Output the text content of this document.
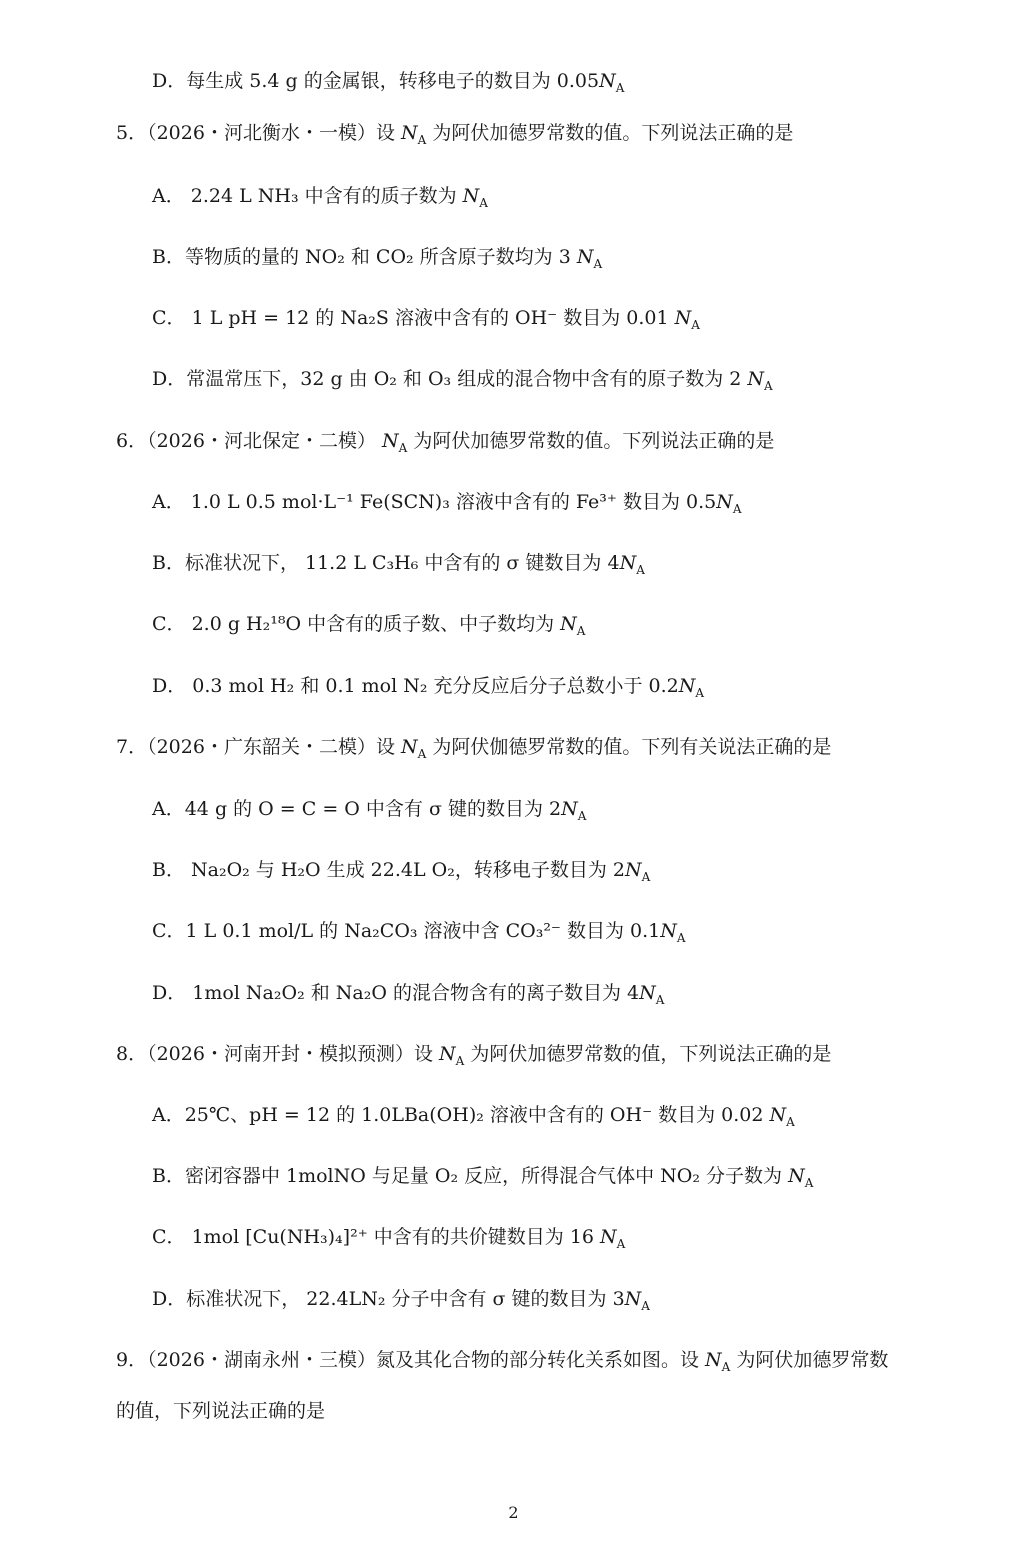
D．每生成 5.4 g 的金属银，转移电子的数目为 $0.05N_A$
5．（2026・河北衡水・一模）设 $N_A$ 为阿伏加德罗常数的值。下列说法正确的是
A． 2.24 L NH₃ 中含有的质子数为 $N_A$
B．等物质的量的 NO₂ 和 CO₂ 所含原子数均为 3 $N_A$
C． 1 L pH = 12 的 Na₂S 溶液中含有的 OH⁻ 数目为 0.01 $N_A$
D．常温常压下，32 g 由 O₂ 和 O₃ 组成的混合物中含有的原子数为 2 $N_A$
6．（2026・河北保定・二模） $N_A$ 为阿伏加德罗常数的值。下列说法正确的是
A． 1.0 L 0.5 mol·L⁻¹ Fe(SCN)₃ 溶液中含有的 Fe³⁺ 数目为 $0.5N_A$
B．标准状况下， 11.2 L C₃H₆ 中含有的 σ 键数目为 $4N_A$
C． 2.0 g H₂¹⁸O 中含有的质子数、中子数均为 $N_A$
D． 0.3 mol H₂ 和 0.1 mol N₂ 充分反应后分子总数小于 $0.2N_A$
7．（2026・广东韶关・二模）设 $N_A$ 为阿伏伽德罗常数的值。下列有关说法正确的是
A．44 g 的 O = C = O 中含有 σ 键的数目为 $2N_A$
B． Na₂O₂ 与 H₂O 生成 22.4L O₂，转移电子数目为 $2N_A$
C．1 L 0.1 mol/L 的 Na₂CO₃ 溶液中含 CO₃²⁻ 数目为 $0.1N_A$
D． 1mol Na₂O₂ 和 Na₂O 的混合物含有的离子数目为 $4N_A$
8．（2026・河南开封・模拟预测）设 $N_A$ 为阿伏加德罗常数的值，下列说法正确的是
A．25℃、pH = 12 的 1.0LBa(OH)₂ 溶液中含有的 OH⁻ 数目为 0.02 $N_A$
B．密闭容器中 1molNO 与足量 O₂ 反应，所得混合气体中 NO₂ 分子数为 $N_A$
C． 1mol [Cu(NH₃)₄]²⁺ 中含有的共价键数目为 16 $N_A$
D．标准状况下， 22.4LN₂ 分子中含有 σ 键的数目为 $3N_A$
9．（2026・湖南永州・三模）氮及其化合物的部分转化关系如图。设 $N_A$ 为阿伏加德罗常数
的值，下列说法正确的是
2
